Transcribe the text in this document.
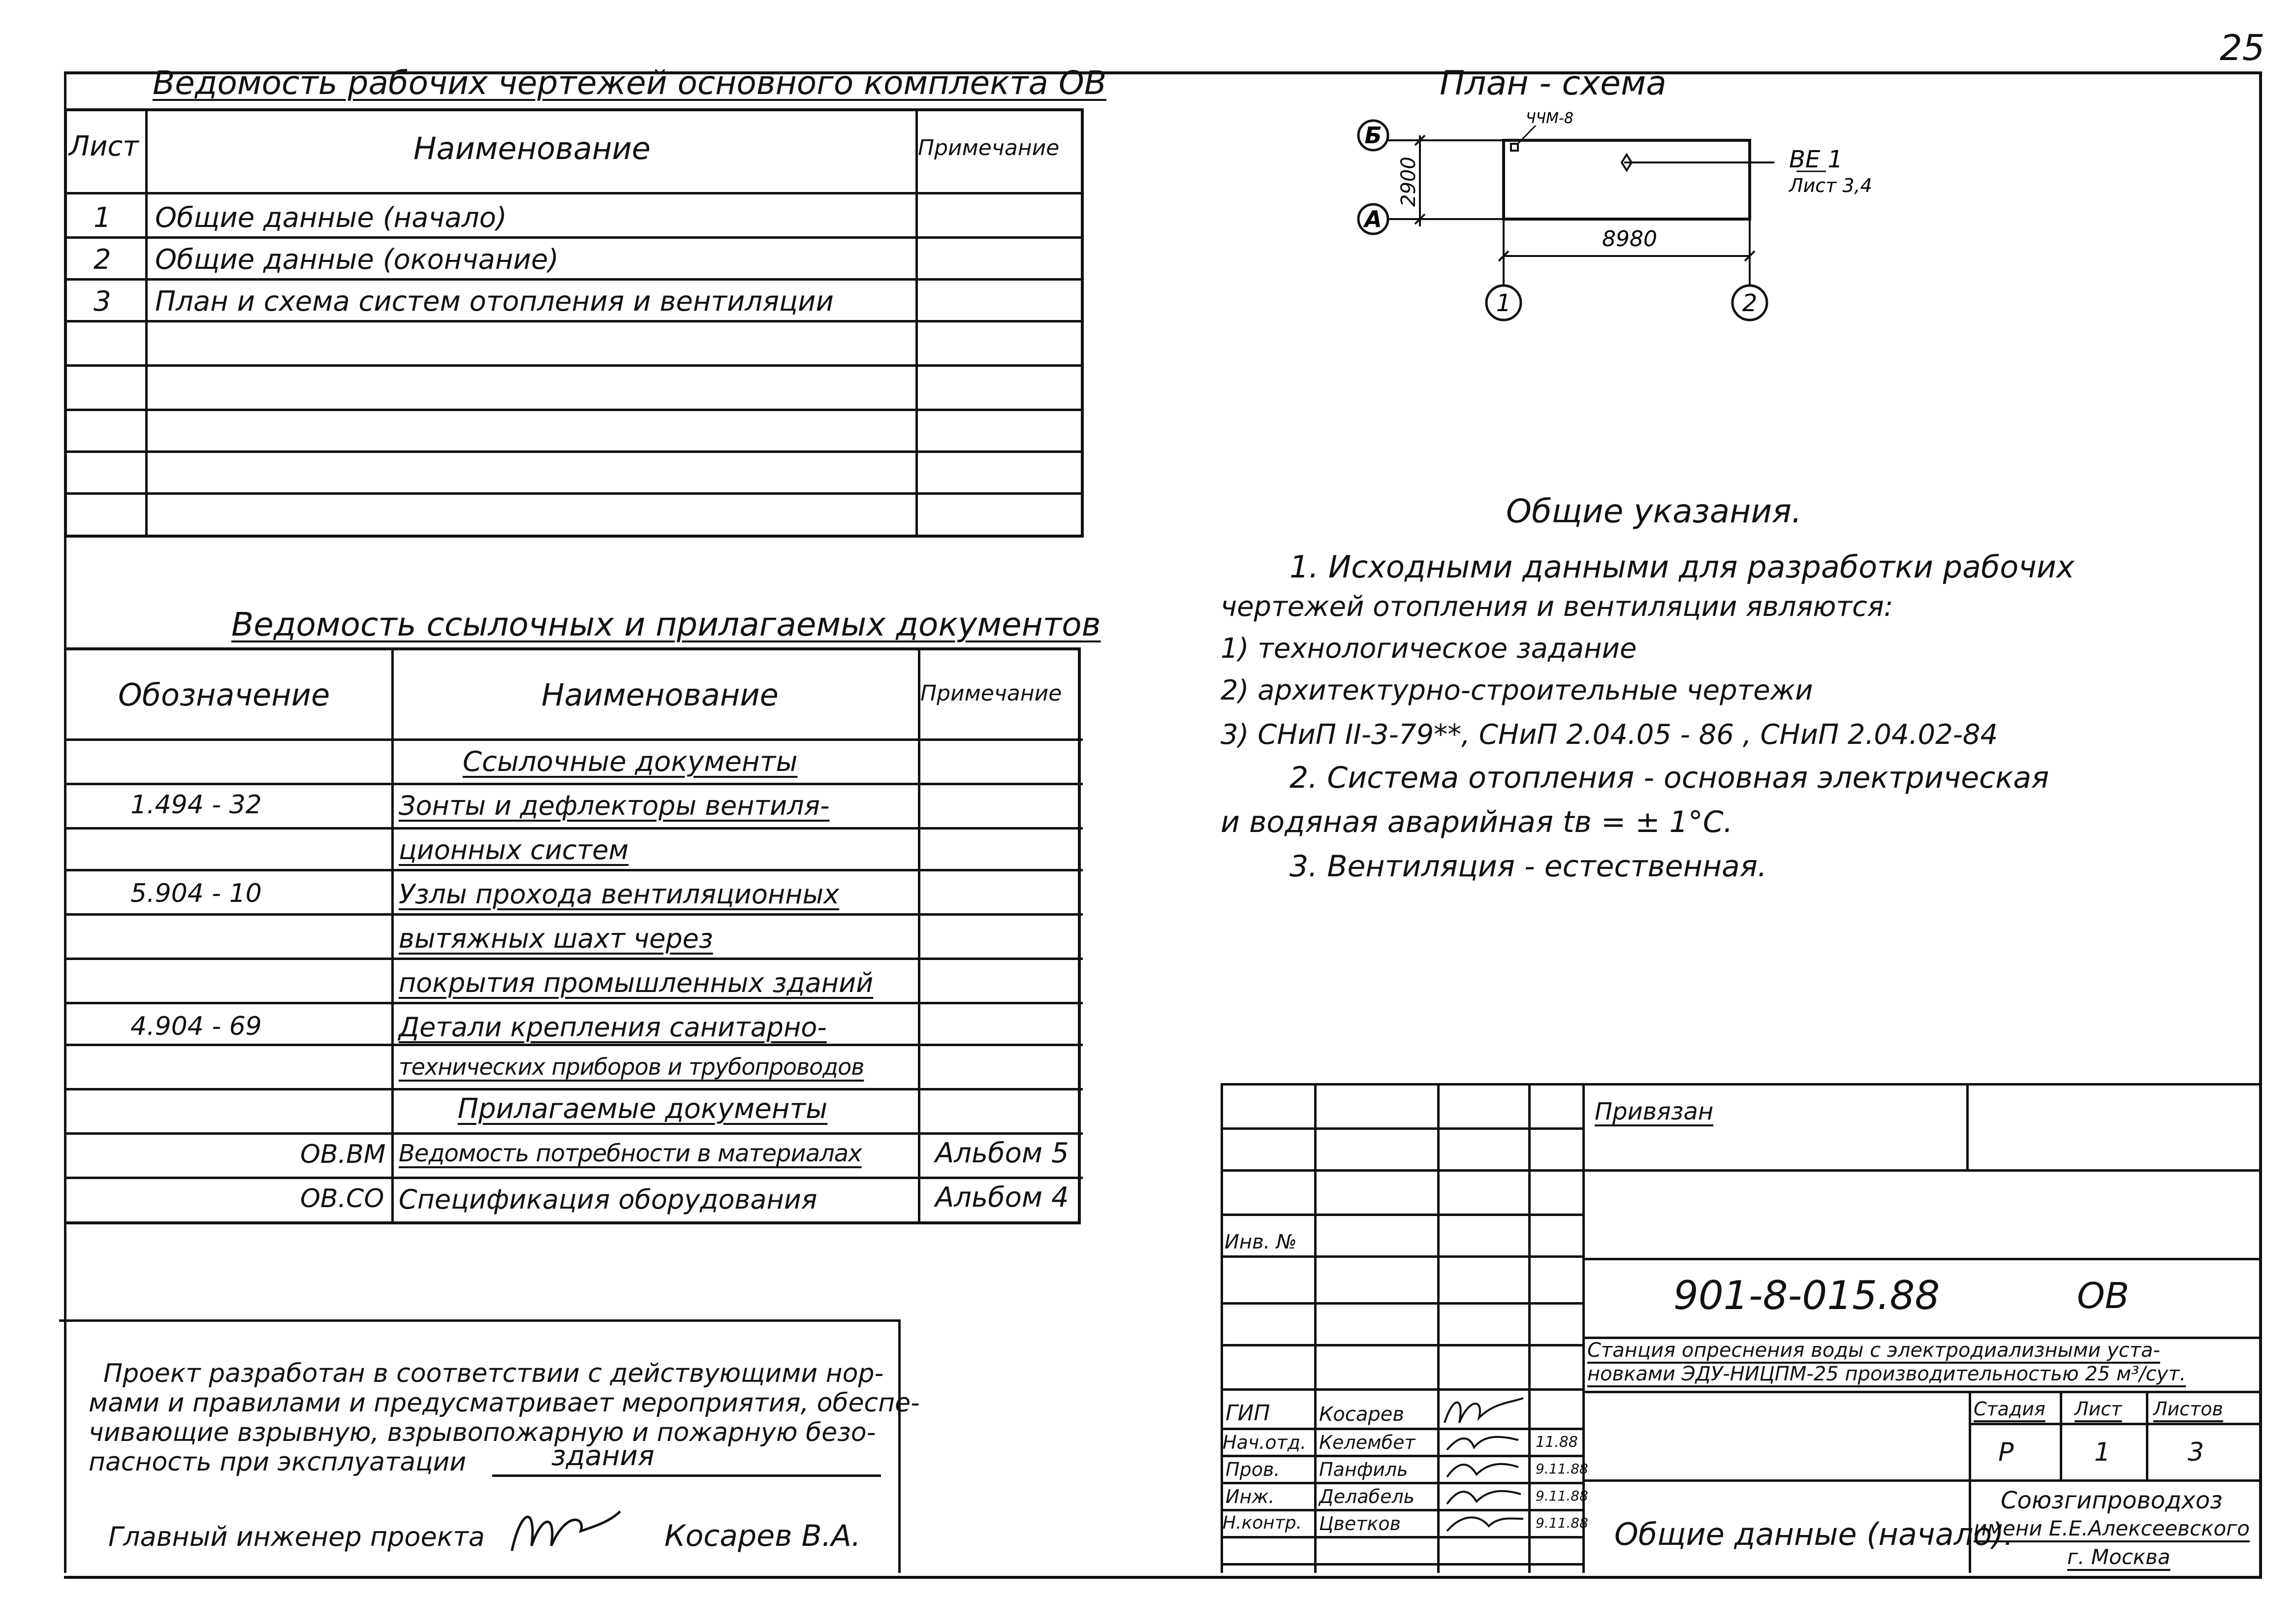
25
Ведомость рабочих чертежей основного комплекта ОВ
Лист	Наименование	Примечание
1 Общие данные (начало)
2 Общие данные (окончание)
3 План и схема систем отопления и вентиляции
Ведомость ссылочных и прилагаемых документов
Обозначение	Наименование	Примечание
Ссылочные документы
1.494 - 32	Зонты и дефлекторы вентиля-
ционных систем
5.904 - 10	Узлы прохода вентиляционных
вытяжных шахт через
покрытия промышленных зданий
4.904 - 69	Детали крепления санитарно-
технических приборов и трубопроводов
Прилагаемые документы
ОВ.ВМ Ведомость потребности в материалах	Альбом 5
ОВ.СО Спецификация оборудования	Альбом 4
Проект разработан в соответствии с действующими нор-
мами и правилами и предусматривает мероприятия, обеспе-
чивающие взрывную, взрывопожарную и пожарную безо-
пасность при эксплуатации	здания
Главный инженер проекта	Косарев В.А.
План - схема
Б
А
1	2
2900
8980
ЧЧМ-8
ВЕ 1
Лист 3,4
Общие указания.
1. Исходными данными для разработки рабочих
чертежей отопления и вентиляции являются:
1) технологическое задание
2) архитектурно-строительные чертежи
3) СНиП II-3-79**, СНиП 2.04.05 - 86 , СНиП 2.04.02-84
2. Система отопления - основная электрическая
и водяная аварийная tв = ± 1°С.
3. Вентиляция - естественная.
Привязан
Инв. №
901-8-015.88	ОВ
Станция опреснения воды с электродиализными уста-
новками ЭДУ-НИЦПМ-25 производительностью 25 м³/сут.
Стадия Лист Листов
Р	1	3
Общие данные (начало).
Союзгипроводхоз
имени Е.Е.Алексеевского
г. Москва
ГИП Косарев
Нач.отд. Келембет	11.88
Пров. Панфиль	9.11.88
Инж. Делабель	9.11.88
Н.контр. Цветков	9.11.88
